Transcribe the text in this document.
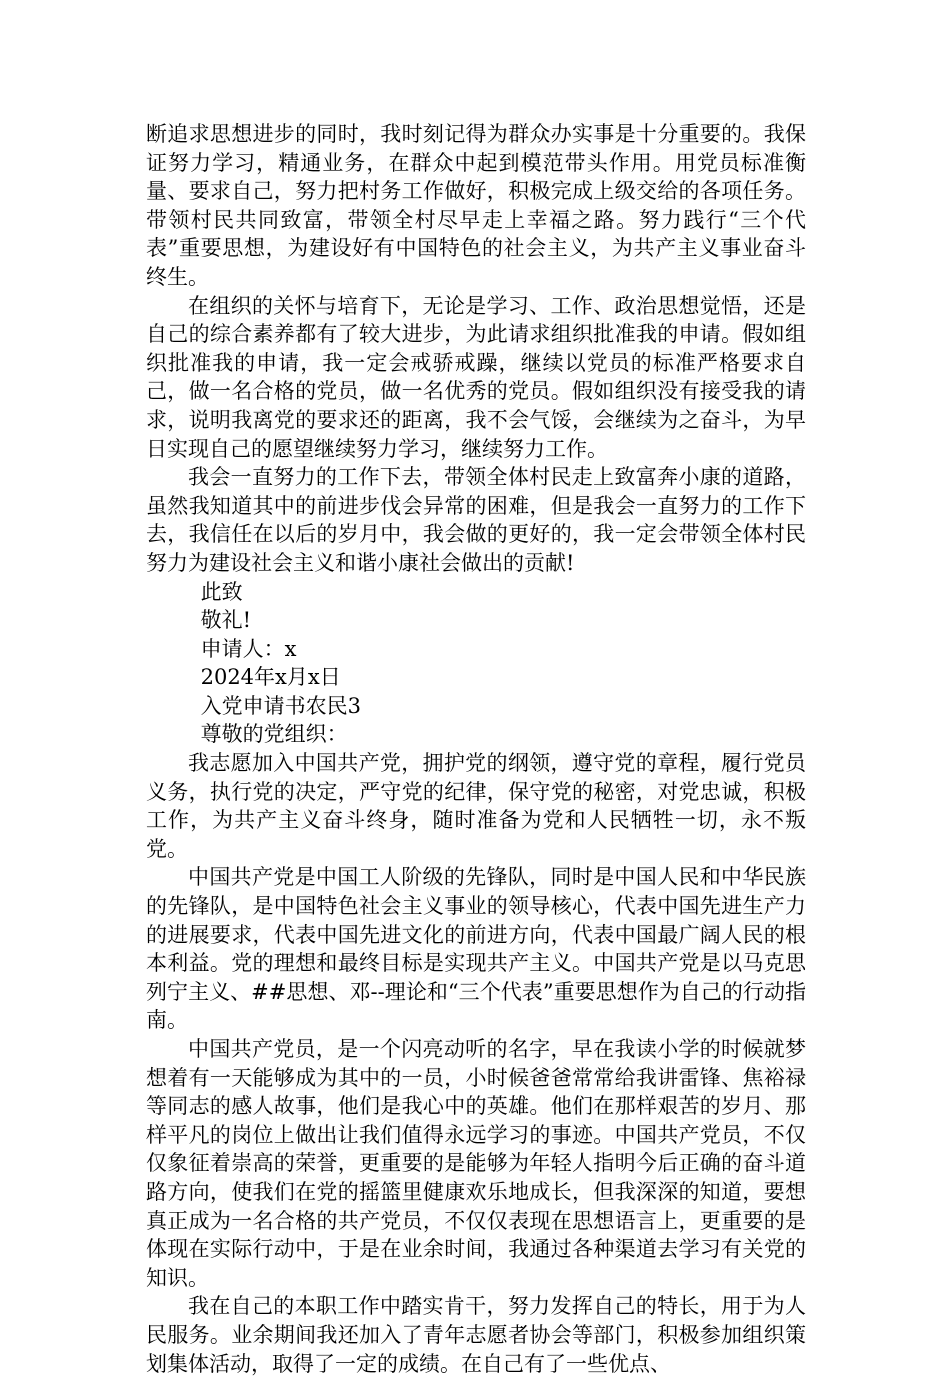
断追求思想进步的同时，我时刻记得为群众办实事是十分重要的。我保证努力学习，精通业务，在群众中起到模范带头作用。用党员标准衡量、要求自己，努力把村务工作做好，积极完成上级交给的各项任务。带领村民共同致富，带领全村尽早走上幸福之路。努力践行“三个代表”重要思想，为建设好有中国特色的社会主义，为共产主义事业奋斗终生。

在组织的关怀与培育下，无论是学习、工作、政治思想觉悟，还是自己的综合素养都有了较大进步，为此请求组织批准我的申请。假如组织批准我的申请，我一定会戒骄戒躁，继续以党员的标准严格要求自己，做一名合格的党员，做一名优秀的党员。假如组织没有接受我的请求，说明我离党的要求还的距离，我不会气馁，会继续为之奋斗，为早日实现自己的愿望继续努力学习，继续努力工作。

我会一直努力的工作下去，带领全体村民走上致富奔小康的道路，虽然我知道其中的前进步伐会异常的困难，但是我会一直努力的工作下去，我信任在以后的岁月中，我会做的更好的，我一定会带领全体村民努力为建设社会主义和谐小康社会做出的贡献!

此致
敬礼!
申请人：x
2024年x月x日
入党申请书农民3
尊敬的党组织：

我志愿加入中国共产党，拥护党的纲领，遵守党的章程，履行党员义务，执行党的决定，严守党的纪律，保守党的秘密，对党忠诚，积极工作，为共产主义奋斗终身，随时准备为党和人民牺牲一切，永不叛党。

中国共产党是中国工人阶级的先锋队，同时是中国人民和中华民族的先锋队，是中国特色社会主义事业的领导核心，代表中国先进生产力的进展要求，代表中国先进文化的前进方向，代表中国最广阔人民的根本利益。党的理想和最终目标是实现共产主义。中国共产党是以马克思列宁主义、##思想、邓--理论和“三个代表”重要思想作为自己的行动指南。

中国共产党员，是一个闪亮动听的名字，早在我读小学的时候就梦想着有一天能够成为其中的一员，小时候爸爸常常给我讲雷锋、焦裕禄等同志的感人故事，他们是我心中的英雄。他们在那样艰苦的岁月、那样平凡的岗位上做出让我们值得永远学习的事迹。中国共产党员，不仅仅象征着崇高的荣誉，更重要的是能够为年轻人指明今后正确的奋斗道路方向，使我们在党的摇篮里健康欢乐地成长，但我深深的知道，要想真正成为一名合格的共产党员，不仅仅表现在思想语言上，更重要的是体现在实际行动中，于是在业余时间，我通过各种渠道去学习有关党的知识。

我在自己的本职工作中踏实肯干，努力发挥自己的特长，用于为人民服务。业余期间我还加入了青年志愿者协会等部门，积极参加组织策划集体活动，取得了一定的成绩。在自己有了一些优点、
